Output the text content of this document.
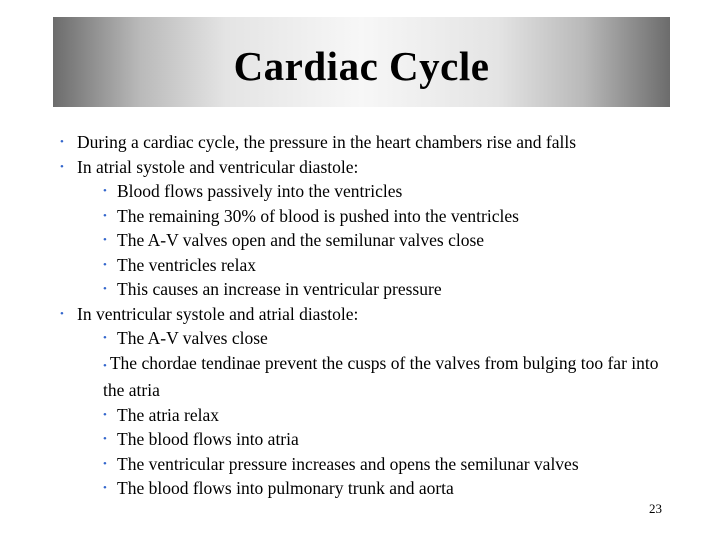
Cardiac Cycle
• During a cardiac cycle, the pressure in the heart chambers rise and falls
• In atrial systole and ventricular diastole:
• Blood flows passively into the ventricles
• The remaining 30% of blood is pushed into the ventricles
• The A-V valves open and the semilunar valves close
• The ventricles relax
• This causes an increase in ventricular pressure
• In ventricular systole and atrial diastole:
• The A-V valves close
• The chordae tendinae prevent the cusps of the valves from bulging too far into the atria
• The atria relax
• The blood flows into atria
• The ventricular pressure increases and opens the semilunar valves
• The blood flows into pulmonary trunk and aorta
23
